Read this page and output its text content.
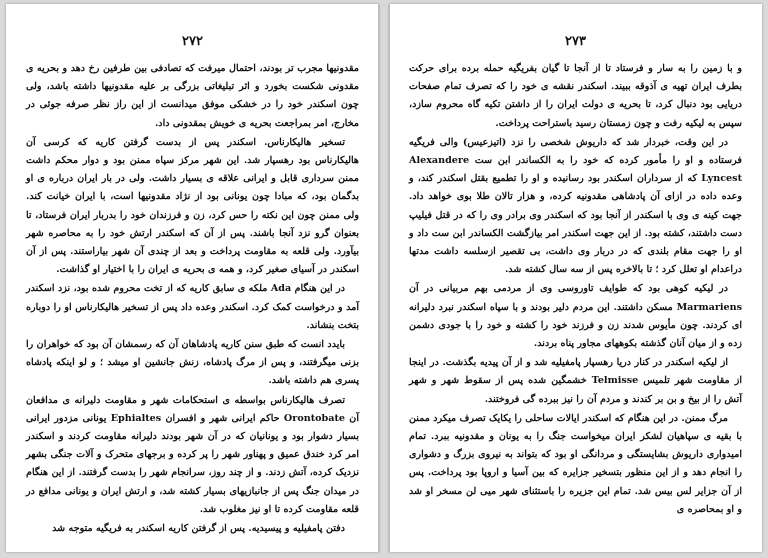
۲۷۲

مقدونیها مجرب تر بودند، احتمال میرفت که تصادفی بین طرفین رخ دهد و بحریه ی مقدونی شکست بخورد و اثر تبلیغاتی بزرگی بر علیه مقدونیها داشته باشد، ولی چون اسکندر خود را در خشکی موفق میدانست از این راز نظر صرفه جوئی در مخارج، امر بمراجعت بحریه ی خویش بمقدونی داد.

تسخیر هالیکارناس. اسکندر پس از بدست گرفتن کاریه که کرسی آن هالیکارناس بود رهسپار شد. این شهر مرکز سپاه ممنن بود و دوار محکم داشت ممنن سرداری قابل و ایرانی علاقه ی بسیار داشت. ولی در بار ایران درباره ی او بدگمان بود، که مبادا چون یونانی بود از نژاد مقدونیها است، با ایران خیانت کند. ولی ممنن چون این نکته را حس کرد، زن و فرزندان خود را بدربار ایران فرستاد، تا بعنوان گرو نزد آنجا باشند. پس از آن که اسکندر ارتش خود را به محاصره شهر بیآورد. ولی قلعه به مقاومت پرداخت و بعد از چندی آن شهر بیاراستند. پس از آن اسکندر در آسیای صغیر کرد، و همه ی بحریه ی ایران را با اختیار او گذاشت.

در این هنگام Ada ملکه ی سابق کاریه که از تخت محروم شده بود، نزد اسکندر آمد و درخواست کمک کرد. اسکندر وعده داد پس از تسخیر هالیکارناس او را دوباره بتخت بنشاند.

بایدد انست که طبق سنن کاریه پادشاهان آن که رسمشان آن بود که خواهران را بزنی میگرفتند، و پس از مرگ پادشاه، زنش جانشین او میشد ؛ و لو اینکه پادشاه پسری هم داشته باشد.

تصرف هالیکارناس بواسطه ی استحکامات شهر و مقاومت دلیرانه ی مدافعان آن Orontobate حاکم ایرانی شهر و افسران Ephialtes یونانی مزدور ایرانی بسیار دشوار بود و یونانیان که در آن شهر بودند دلیرانه مقاومت کردند و اسکندر امر کرد خندق عمیق و پهناور شهر را پر کرده و برجهای متحرک و آلات جنگی بشهر نزدیک کرده، آتش زدند. و از چند روز، سرانجام شهر را بدست گرفتند. از این هنگام در میدان جنگ پس از جانبازیهای بسیار کشته شد، و ارتش ایران و یونانی مدافع در قلعه مقاومت کرده تا او نیز مغلوب شد.

دفتن پامفیلیه و پیسیدیه. پس از گرفتن کاریه اسکندر به فریگیه متوجه شد

۲۷۳

و با زمین را به سار و فرستاد تا از آنجا تا گیان بفریگیه حمله برده برای حرکت بطرف ایران تهیه ی آذوقه ببیند. اسکندر نقشه ی خود را که تصرف تمام صفحات دریایی بود دنبال کرد، تا بحریه ی دولت ایران را از داشتن تکیه گاه محروم سازد، سپس به لیکیه رفت و چون زمستان رسید باستراحت پرداخت.

در این وقت، خبردار شد که داریوش شخصی را نزد (اتیزعیس) والی فریگیه فرستاده و او را مأمور کرده که خود را به الکساندر ابن ست Alexandere Lyncest که از سرداران اسکندر بود رسانیده و او را تطمیع بقتل اسکندر کند، و وعده داده در ازای آن پادشاهی مقدونیه کرده، و هزار تالان طلا بوی خواهد داد. جهت کینه ی وی با اسکندر از آنجا بود که اسکندر وی برادر وی را که در قتل فیلیپ دست داشتند، کشته بود. از این جهت اسکندر امر بیازگشت الکساندر ابن ست داد و او را جهت مقام بلندی که در دربار وی داشت، بی تقصیر ازسلسه داشت مدتها دراعدام او تعلل کرد ؛ تا بالاخره پس از سه سال کشته شد.

در لیکیه کوهی بود که طوایف تاوروسی وی از مردمی بهم مربیانی در آن Marmariens مسکن داشتند. این مردم دلیر بودند و با سپاه اسکندر نبرد دلیرانه ای کردند. چون مأیوس شدند زن و فرزند خود را کشته و خود را با جودی دشمن زده و از میان آنان گذشته بکوههای مجاور پناه بردند.

از لیکیه اسکندر در کنار دریا رهسپار پامفیلیه شد و از آن پیدیه بگذشت. در اینجا از مقاومت شهر تلمیس Telmisse خشمگین شده پس از سقوط شهر و شهر آتش را از بیخ و بن بر کندند و مردم آن را نیز ببرده گی فروختند.

مرگ ممنن. در این هنگام که اسکندر ایالات ساحلی را یکایک تصرف میکرد ممنن با بقیه ی سپاهیان لشکر ایران میخواست جنگ را به یونان و مقدونیه ببرد. تمام امیدواری داریوش بشایستگی و مردانگی او بود که بتواند به نیروی بزرگ و دشواری را انجام دهد و از این منظور بتسخیر جزایره که بین آسیا و اروپا بود پرداخت. پس از آن جزایر لس بیس شد. تمام این جزیره را باستثنای شهر میی لن مسخر او شد و او بمحاصره ی
